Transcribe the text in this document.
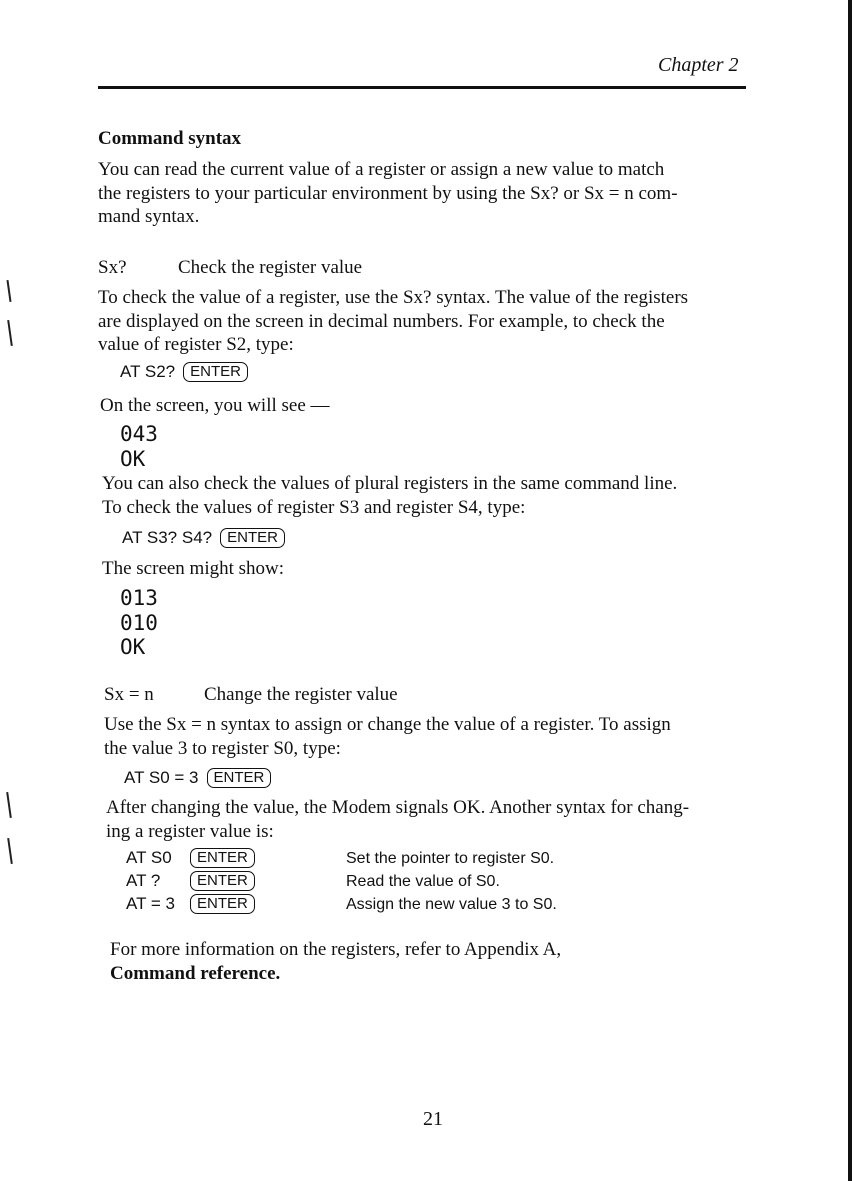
Chapter 2
Command syntax
You can read the current value of a register or assign a new value to match
the registers to your particular environment by using the Sx? or Sx = n com-
mand syntax.
Sx?	Check the register value
To check the value of a register, use the Sx? syntax. The value of the registers
are displayed on the screen in decimal numbers. For example, to check the
value of register S2, type:
AT S2? ENTER
On the screen, you will see —
043
OK
You can also check the values of plural registers in the same command line.
To check the values of register S3 and register S4, type:
AT S3? S4? ENTER
The screen might show:
013
010
OK
Sx = n	Change the register value
Use the Sx = n syntax to assign or change the value of a register. To assign
the value 3 to register S0, type:
AT S0 = 3 ENTER
After changing the value, the Modem signals OK. Another syntax for chang-
ing a register value is:
AT S0 ENTER	Set the pointer to register S0.
AT ? ENTER	Read the value of S0.
AT = 3 ENTER	Assign the new value 3 to S0.
For more information on the registers, refer to Appendix A,
Command reference.
21
